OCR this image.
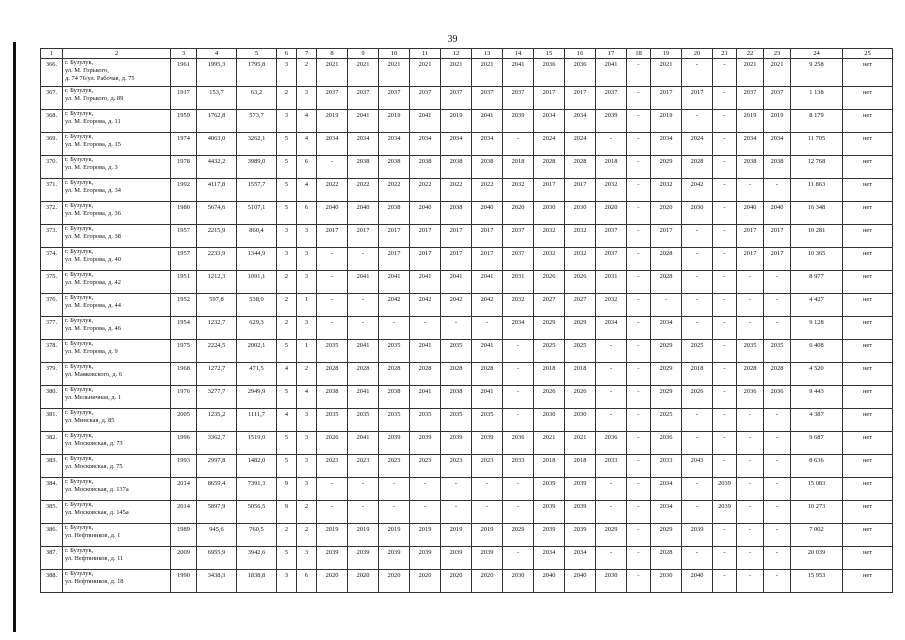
39
1	2	3	4	5	6	7	8	9	10	11	12	13	14	15	16	17	18	19	20	21	22	23	24	25
366.	г. Бузулук,
ул. М. Горького,
д. 74 76/ул. Рабочая, д. 75	1961	1995,3	1795,8	3	2	2021	2021	2021	2021	2021	2021	2041	2036	2036	2041	-	2021	-	-	2021	2021	9 258	нет
367.	г. Бузулук,
ул. М. Горького, д. 89	1917	153,7	63,2	2	3	2037	2037	2037	2037	2037	2037	2037	2017	2017	2037	-	2017	2017	-	2037	2037	1 138	нет
368.	г. Бузулук,
ул. М. Егорова, д. 11	1959	1762,8	573,7	3	4	2019	2041	2019	2041	2019	2041	2039	2034	2034	2039	-	2019	-	-	2019	2019	8 179	нет
369.	г. Бузулук,
ул. М. Егорова, д. 15	1974	4063,0	3262,1	5	4	2034	2034	2034	2034	2034	2034	-	2024	2024	-	-	2034	2024	-	2034	2034	11 705	нет
370.	г. Бузулук,
ул. М. Егорова, д. 3	1978	4432,2	3989,0	5	6	-	2038	2038	2038	2038	2038	2018	2028	2028	2018	-	2029	2028	-	2038	2038	12 768	нет
371.	г. Бузулук,
ул. М. Егорова, д. 34	1992	4117,8	1557,7	5	4	2022	2022	2022	2022	2022	2022	2032	2017	2017	2032	-	2032	2042	-	-	-	11 863	нет
372.	г. Бузулук,
ул. М. Егорова, д. 36	1980	5674,6	5107,1	5	6	2040	2040	2038	2040	2038	2040	2020	2030	2030	2020	-	2020	2030	-	2040	2040	16 348	нет
373.	г. Бузулук,
ул. М. Егорова, д. 38	1957	2215,9	860,4	3	3	2017	2017	2017	2017	2017	2017	2037	2032	2032	2037	-	2017	-	-	2017	2017	10 281	нет
374.	г. Бузулук,
ул. М. Егорова, д. 40	1957	2233,9	1344,9	3	3	-	-	2017	2017	2017	2017	2037	2032	2032	2037	-	2028	-	-	2017	2017	10 365	нет
375.	г. Бузулук,
ул. М. Егорова, д. 42	1951	1212,3	1091,1	2	3	-	2041	2041	2041	2041	2041	2031	2026	2026	2031	-	2028	-	-	-	-	8 977	нет
376.	г. Бузулук,
ул. М. Егорова, д. 44	1952	597,8	538,0	2	1	-	-	2042	2042	2042	2042	2032	2027	2027	2032	-	-	-	-	-	-	4 427	нет
377.	г. Бузулук,
ул. М. Егорова, д. 46	1954	1232,7	629,3	2	3	-	-	-	-	-	-	2034	2029	2029	2034	-	2034	-	-	-	-	9 128	нет
378.	г. Бузулук,
ул. М. Егорова, д. 9	1975	2224,5	2002,1	5	1	2035	2041	2035	2041	2035	2041	-	2025	2025	-	-	2029	2025	-	2035	2035	6 408	нет
379.	г. Бузулук,
ул. Маяковского, д. 6	1968	1272,7	471,5	4	2	2028	2028	2028	2028	2028	2028	-	2018	2018	-	-	2029	2018	-	2028	2028	4 520	нет
380.	г. Бузулук,
ул. Мельничная, д. 1	1976	3277,7	2949,9	5	4	2038	2041	2038	2041	2038	2041	-	2026	2026	-	-	2029	2026	-	2036	2036	9 443	нет
381.	г. Бузулук,
ул. Минская, д. 85	2005	1235,2	1111,7	4	3	2035	2035	2035	2035	2035	2035	-	2030	2030	-	-	2025	-	-	-	-	4 387	нет
382.	г. Бузулук,
ул. Московская, д. 73	1996	3362,7	1519,0	5	3	2026	2041	2039	2039	2039	2039	2036	2021	2021	2036	-	2036	-	-	-	-	9 687	нет
383.	г. Бузулук,
ул. Московская, д. 75	1993	2997,8	1482,0	5	3	2023	2023	2023	2023	2023	2023	2033	2018	2018	2033	-	2033	2043	-	-	-	8 636	нет
384.	г. Бузулук,
ул. Московская, д. 137а	2014	8659,4	7391,3	9	3	-	-	-	-	-	-	-	2039	2039	-	-	2034	-	2039	-	-	15 083	нет
385.	г. Бузулук,
ул. Московская, д. 145а	2014	5897,9	5056,5	9	2	-	-	-	-	-	-	-	2039	2039	-	-	2034	-	2039	-	-	10 273	нет
386.	г. Бузулук,
ул. Нефтяников, д. 1	1989	945,6	760,5	2	2	2019	2019	2019	2019	2019	2019	2029	2039	2039	2029	-	2029	2039	-	-	-	7 002	нет
387.	г. Бузулук,
ул. Нефтяников, д. 11	2009	6955,9	3942,6	5	3	2039	2039	2039	2039	2039	2039	-	2034	2034	-	-	2028	-	-	-	-	20 039	нет
388.	г. Бузулук,
ул. Нефтяников, д. 18	1990	3438,3	1838,8	3	6	2020	2020	2020	2020	2020	2020	2030	2040	2040	2030	-	2030	2040	-	-	-	15 953	нет
